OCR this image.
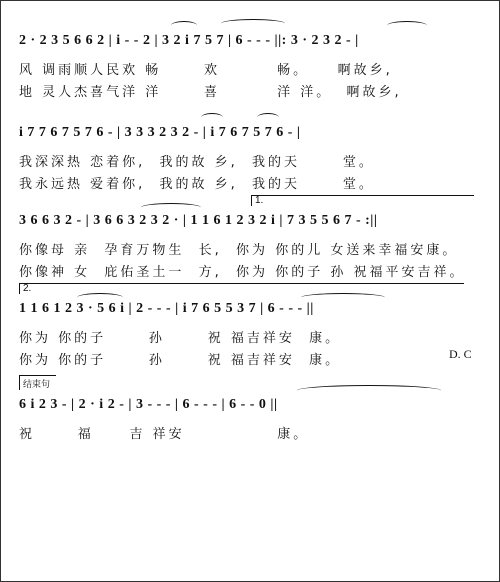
2 · 2 3 5 6 6 2 | i - - 2 | 3 2 i 7 5 7 | 6 - - - ||: 3 · 2 3 2 - |
风 调雨顺人民欢 畅      欢        畅。    啊故乡,
地 灵人杰喜气洋 洋      喜        洋 洋。  啊故乡,
i 7 7 6 7 5 7 6 - | 3 3 3 2 3 2 - | i 7 6 7 5 7 6 - |
我深深热 恋着你,  我的故 乡,  我的天      堂。
我永远热 爱着你,  我的故 乡,  我的天      堂。
1.
3 6 6 3 2 - | 3 6 6 3 2 3 2 · | 1 1 6 1 2 3 2 i | 7 3 5 5 6 7 - :||
你像母 亲  孕育万物生  长,  你为 你的儿 女送来幸福安康。
你像神 女  庇佑圣土一  方,  你为 你的子 孙 祝福平安吉祥。
2.
1 1 6 1 2 3 · 5 6 i | 2 - - - | i 7 6 5 5 3 7 | 6 - - - ||
你为 你的子      孙      祝 福吉祥安  康。
你为 你的子      孙      祝 福吉祥安  康。	D. C
结束句
6 i 2 3 - | 2 · i 2 - | 3 - - - | 6 - - - | 6 - - 0 ||
祝      福     吉 祥安             康。
